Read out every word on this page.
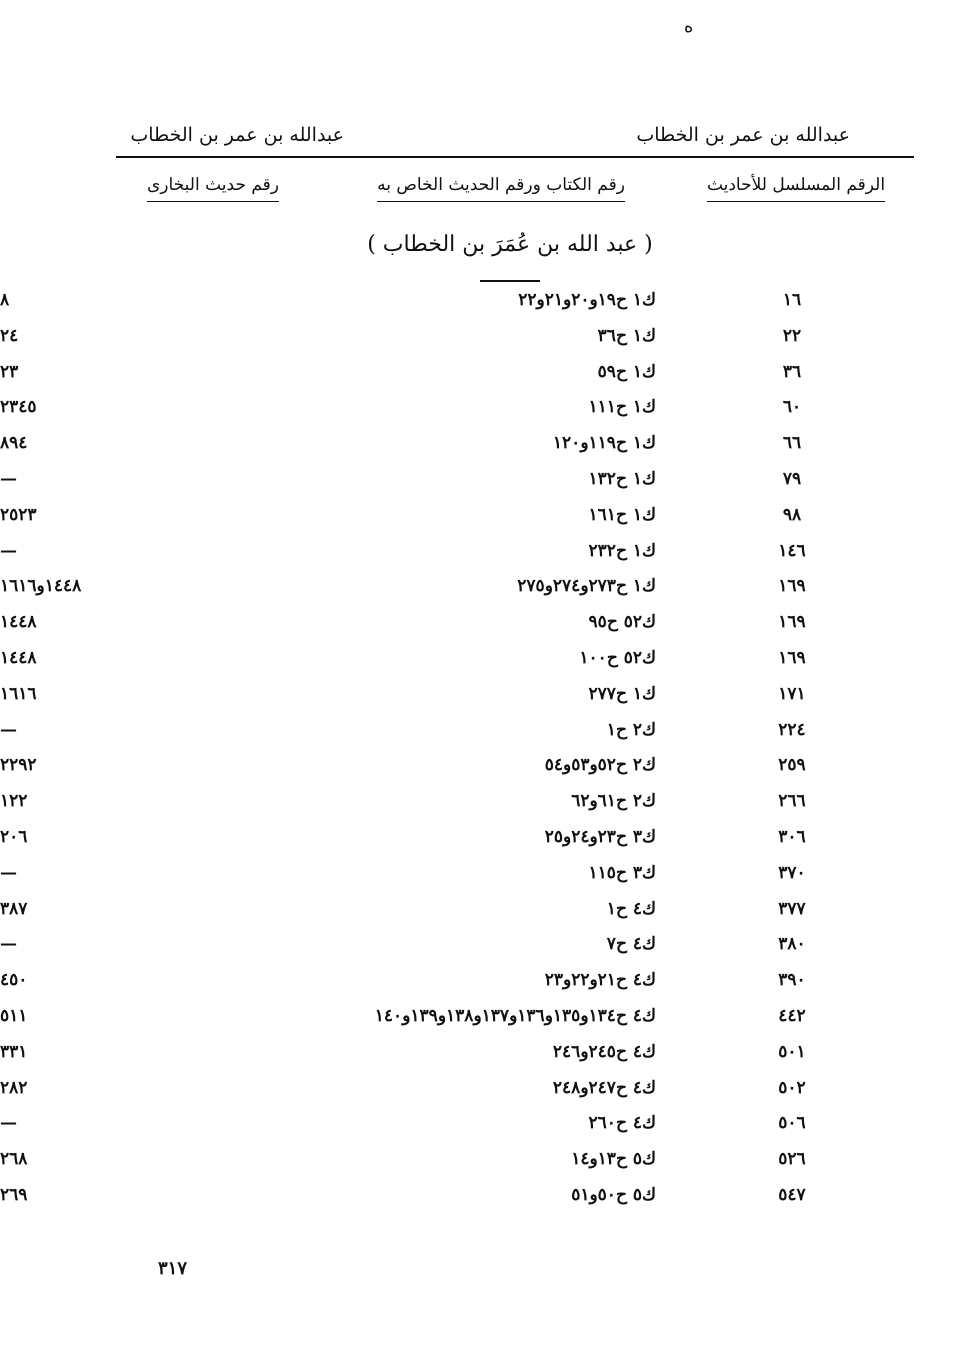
ه
عبدالله بن عمر بن الخطاب
عبدالله بن عمر بن الخطاب
الرقم المسلسل للأحاديث
رقم الكتاب ورقم الحديث الخاص به
رقم حديث البخارى
( عبد الله بن عُمَرَ بن الخطاب )
١٦
ك١ ح١٩و٢٠و٢١و٢٢
٨
٢٢
ك١ ح٣٦
٢٤
٣٦
ك١ ح٥٩
٢٣
٦٠
ك١ ح١١١
٢٣٤٥
٦٦
ك١ ح١١٩و١٢٠
٨٩٤
٧٩
ك١ ح١٣٢
—
٩٨
ك١ ح١٦١
٢٥٢٣
١٤٦
ك١ ح٢٣٢
—
١٦٩
ك١ ح٢٧٣و٢٧٤و٢٧٥
١٤٤٨و١٦١٦
١٦٩
ك٥٢ ح٩٥
١٤٤٨
١٦٩
ك٥٢ ح١٠٠
١٤٤٨
١٧١
ك١ ح٢٧٧
١٦١٦
٢٢٤
ك٢ ح١
—
٢٥٩
ك٢ ح٥٢و٥٣و٥٤
٢٢٩٢
٢٦٦
ك٢ ح٦١و٦٢
١٢٢
٣٠٦
ك٣ ح٢٣و٢٤و٢٥
٢٠٦
٣٧٠
ك٣ ح١١٥
—
٣٧٧
ك٤ ح١
٣٨٧
٣٨٠
ك٤ ح٧
—
٣٩٠
ك٤ ح٢١و٢٢و٢٣
٤٥٠
٤٤٢
ك٤ ح١٣٤و١٣٥و١٣٦و١٣٧و١٣٨و١٣٩و١٤٠
٥١١
٥٠١
ك٤ ح٢٤٥و٢٤٦
٣٣١
٥٠٢
ك٤ ح٢٤٧و٢٤٨
٢٨٢
٥٠٦
ك٤ ح٢٦٠
—
٥٢٦
ك٥ ح١٣و١٤
٢٦٨
٥٤٧
ك٥ ح٥٠و٥١
٢٦٩
٣١٧
